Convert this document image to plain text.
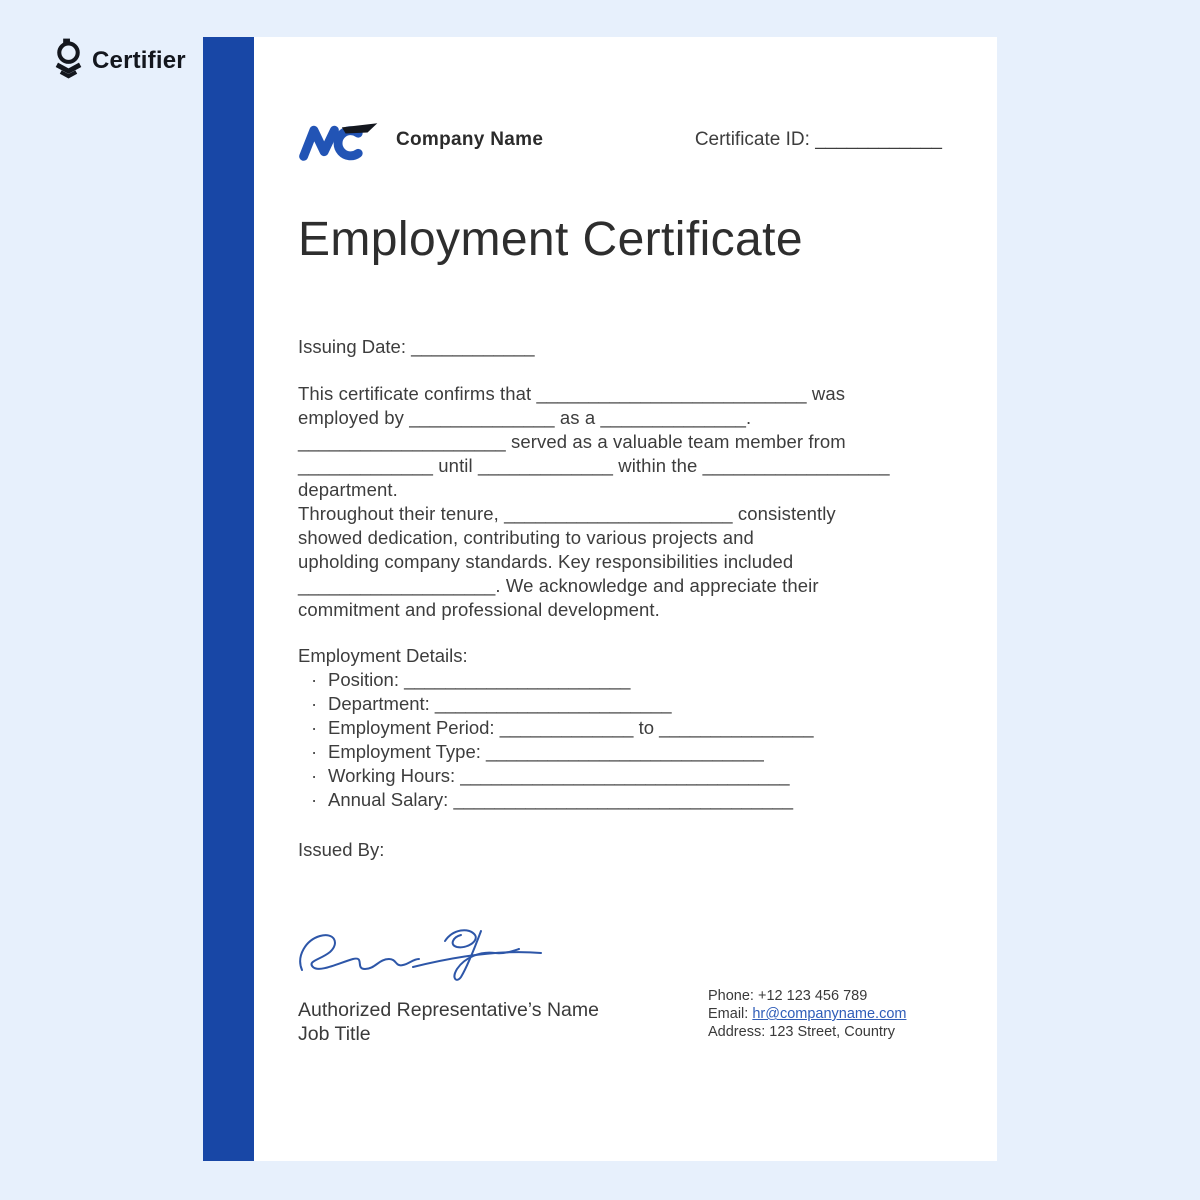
Certifier
Company Name	Certificate ID: ____________
Employment Certificate
Issuing Date: ____________
This certificate confirms that __________________________ was
employed by ______________ as a ______________.
____________________ served as a valuable team member from
_____________ until _____________ within the __________________
department.
Throughout their tenure, ______________________ consistently
showed dedication, contributing to various projects and
upholding company standards. Key responsibilities included
___________________. We acknowledge and appreciate their
commitment and professional development.
Employment Details:
· Position: ______________________
· Department: _______________________
· Employment Period: _____________ to _______________
· Employment Type: ___________________________
· Working Hours: ________________________________
· Annual Salary: _________________________________
Issued By:
Authorized Representative’s Name
Job Title
Phone: +12 123 456 789
Email: hr@companyname.com
Address: 123 Street, Country
